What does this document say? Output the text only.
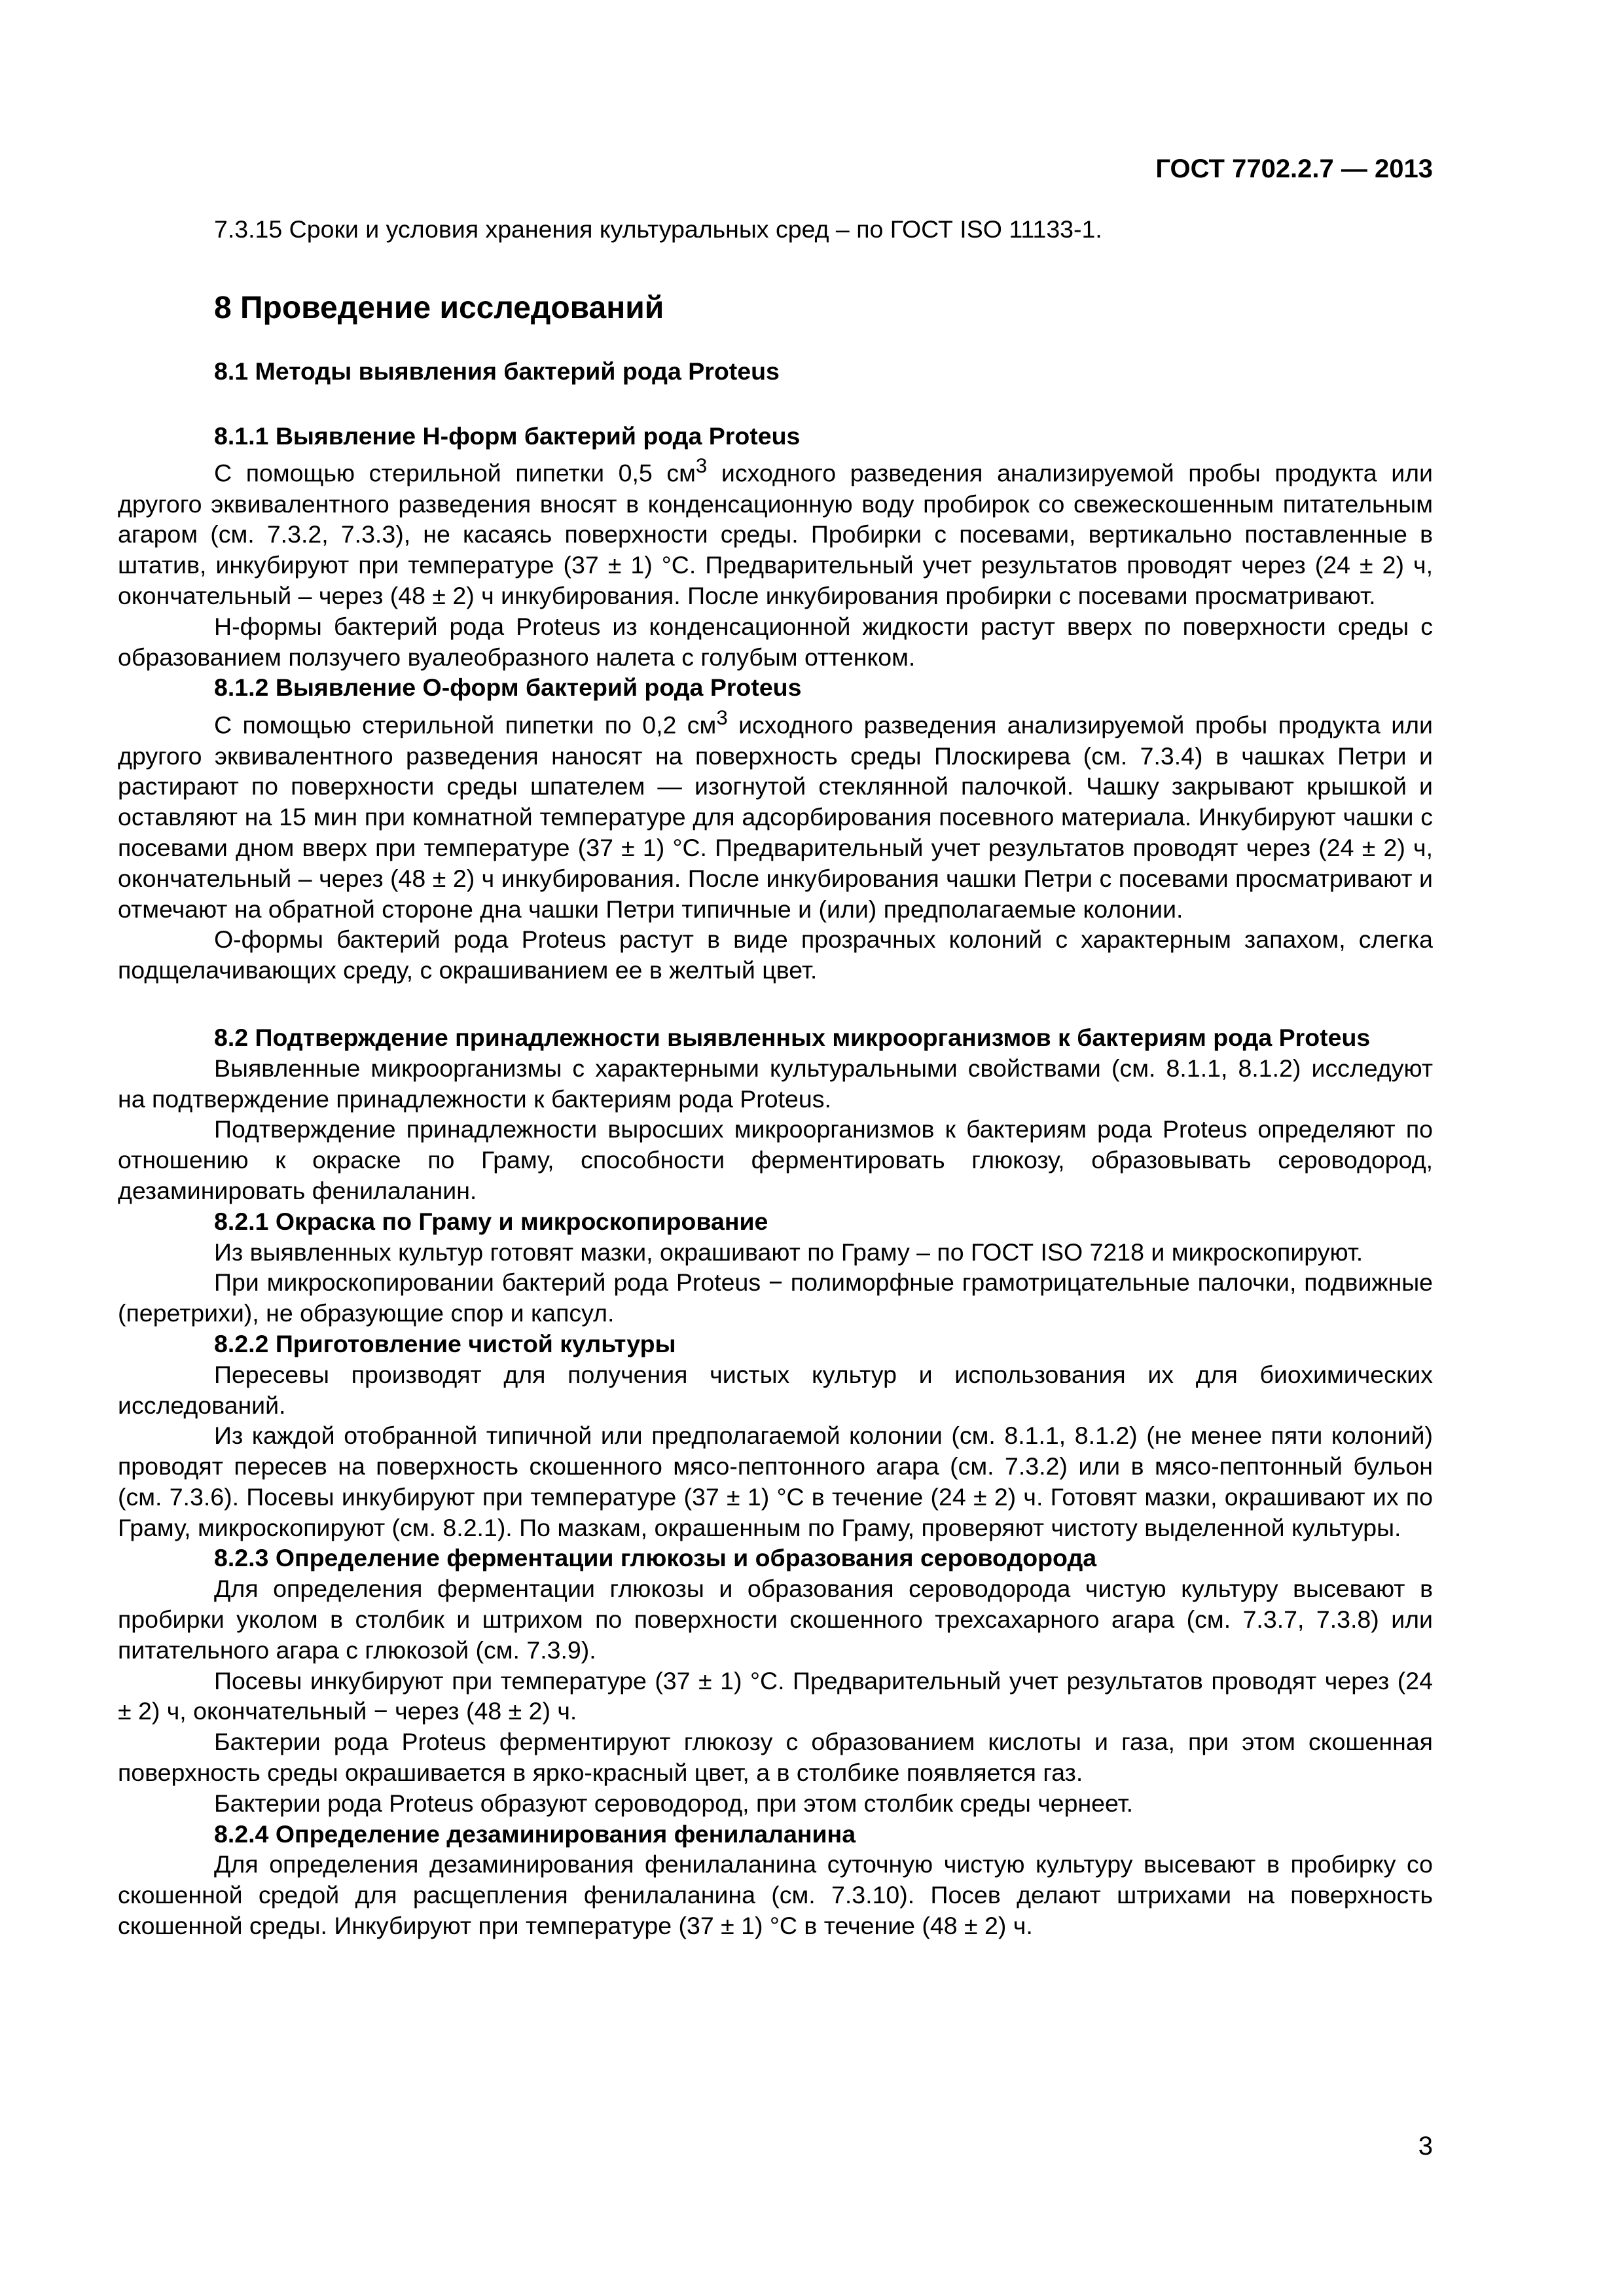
ГОСТ 7702.2.7 — 2013

7.3.15 Сроки и условия хранения культуральных сред – по ГОСТ ISO 11133-1.

8 Проведение исследований

8.1 Методы выявления бактерий рода Proteus

8.1.1 Выявление Н-форм бактерий рода Proteus

С помощью стерильной пипетки 0,5 $см^3$ исходного разведения анализируемой пробы продукта или другого эквивалентного разведения вносят в конденсационную воду пробирок со свежескошенным питательным агаром (см. 7.3.2, 7.3.3), не касаясь поверхности среды. Пробирки с посевами, вертикально поставленные в штатив, инкубируют при температуре (37 ± 1) °С. Предварительный учет результатов проводят через (24 ± 2) ч, окончательный – через (48 ± 2) ч инкубирования. После инкубирования пробирки с посевами просматривают.

Н-формы бактерий рода Proteus из конденсационной жидкости растут вверх по поверхности среды с образованием ползучего вуалеобразного налета с голубым оттенком.

8.1.2 Выявление О-форм бактерий рода Proteus

С помощью стерильной пипетки по 0,2 $см^3$ исходного разведения анализируемой пробы продукта или другого эквивалентного разведения наносят на поверхность среды Плоскирева (см. 7.3.4) в чашках Петри и растирают по поверхности среды шпателем — изогнутой стеклянной палочкой. Чашку закрывают крышкой и оставляют на 15 мин при комнатной температуре для адсорбирования посевного материала. Инкубируют чашки с посевами дном вверх при температуре (37 ± 1) °С. Предварительный учет результатов проводят через (24 ± 2) ч, окончательный – через (48 ± 2) ч инкубирования. После инкубирования чашки Петри с посевами просматривают и отмечают на обратной стороне дна чашки Петри типичные и (или) предполагаемые колонии.

О-формы бактерий рода Proteus растут в виде прозрачных колоний с характерным запахом, слегка подщелачивающих среду, с окрашиванием ее в желтый цвет.

8.2 Подтверждение принадлежности выявленных микроорганизмов к бактериям рода Proteus

Выявленные микроорганизмы с характерными культуральными свойствами (см. 8.1.1, 8.1.2) исследуют на подтверждение принадлежности к бактериям рода Proteus.

Подтверждение принадлежности выросших микроорганизмов к бактериям рода Proteus определяют по отношению к окраске по Граму, способности ферментировать глюкозу, образовывать сероводород, дезаминировать фенилаланин.

8.2.1 Окраска по Граму и микроскопирование

Из выявленных культур готовят мазки, окрашивают по Граму – по ГОСТ ISO 7218 и микроскопируют.

При микроскопировании бактерий рода Proteus − полиморфные грамотрицательные палочки, подвижные (перетрихи), не образующие спор и капсул.

8.2.2 Приготовление чистой культуры

Пересевы производят для получения чистых культур и использования их для биохимических исследований.

Из каждой отобранной типичной или предполагаемой колонии (см. 8.1.1, 8.1.2) (не менее пяти колоний) проводят пересев на поверхность скошенного мясо-пептонного агара (см. 7.3.2) или в мясо-пептонный бульон (см. 7.3.6). Посевы инкубируют при температуре (37 ± 1) °С в течение (24 ± 2) ч. Готовят мазки, окрашивают их по Граму, микроскопируют (см. 8.2.1). По мазкам, окрашенным по Граму, проверяют чистоту выделенной культуры.

8.2.3 Определение ферментации глюкозы и образования сероводорода

Для определения ферментации глюкозы и образования сероводорода чистую культуру высевают в пробирки уколом в столбик и штрихом по поверхности скошенного трехсахарного агара (см. 7.3.7, 7.3.8) или питательного агара с глюкозой (см. 7.3.9).

Посевы инкубируют при температуре (37 ± 1) °С. Предварительный учет результатов проводят через (24 ± 2) ч, окончательный − через (48 ± 2) ч.

Бактерии рода Proteus ферментируют глюкозу с образованием кислоты и газа, при этом скошенная поверхность среды окрашивается в ярко-красный цвет, а в столбике появляется газ.

Бактерии рода Proteus образуют сероводород, при этом столбик среды чернеет.

8.2.4 Определение дезаминирования фенилаланина

Для определения дезаминирования фенилаланина суточную чистую культуру высевают в пробирку со скошенной средой для расщепления фенилаланина (см. 7.3.10). Посев делают штрихами на поверхность скошенной среды. Инкубируют при температуре (37 ± 1) °С в течение (48 ± 2) ч.

3
